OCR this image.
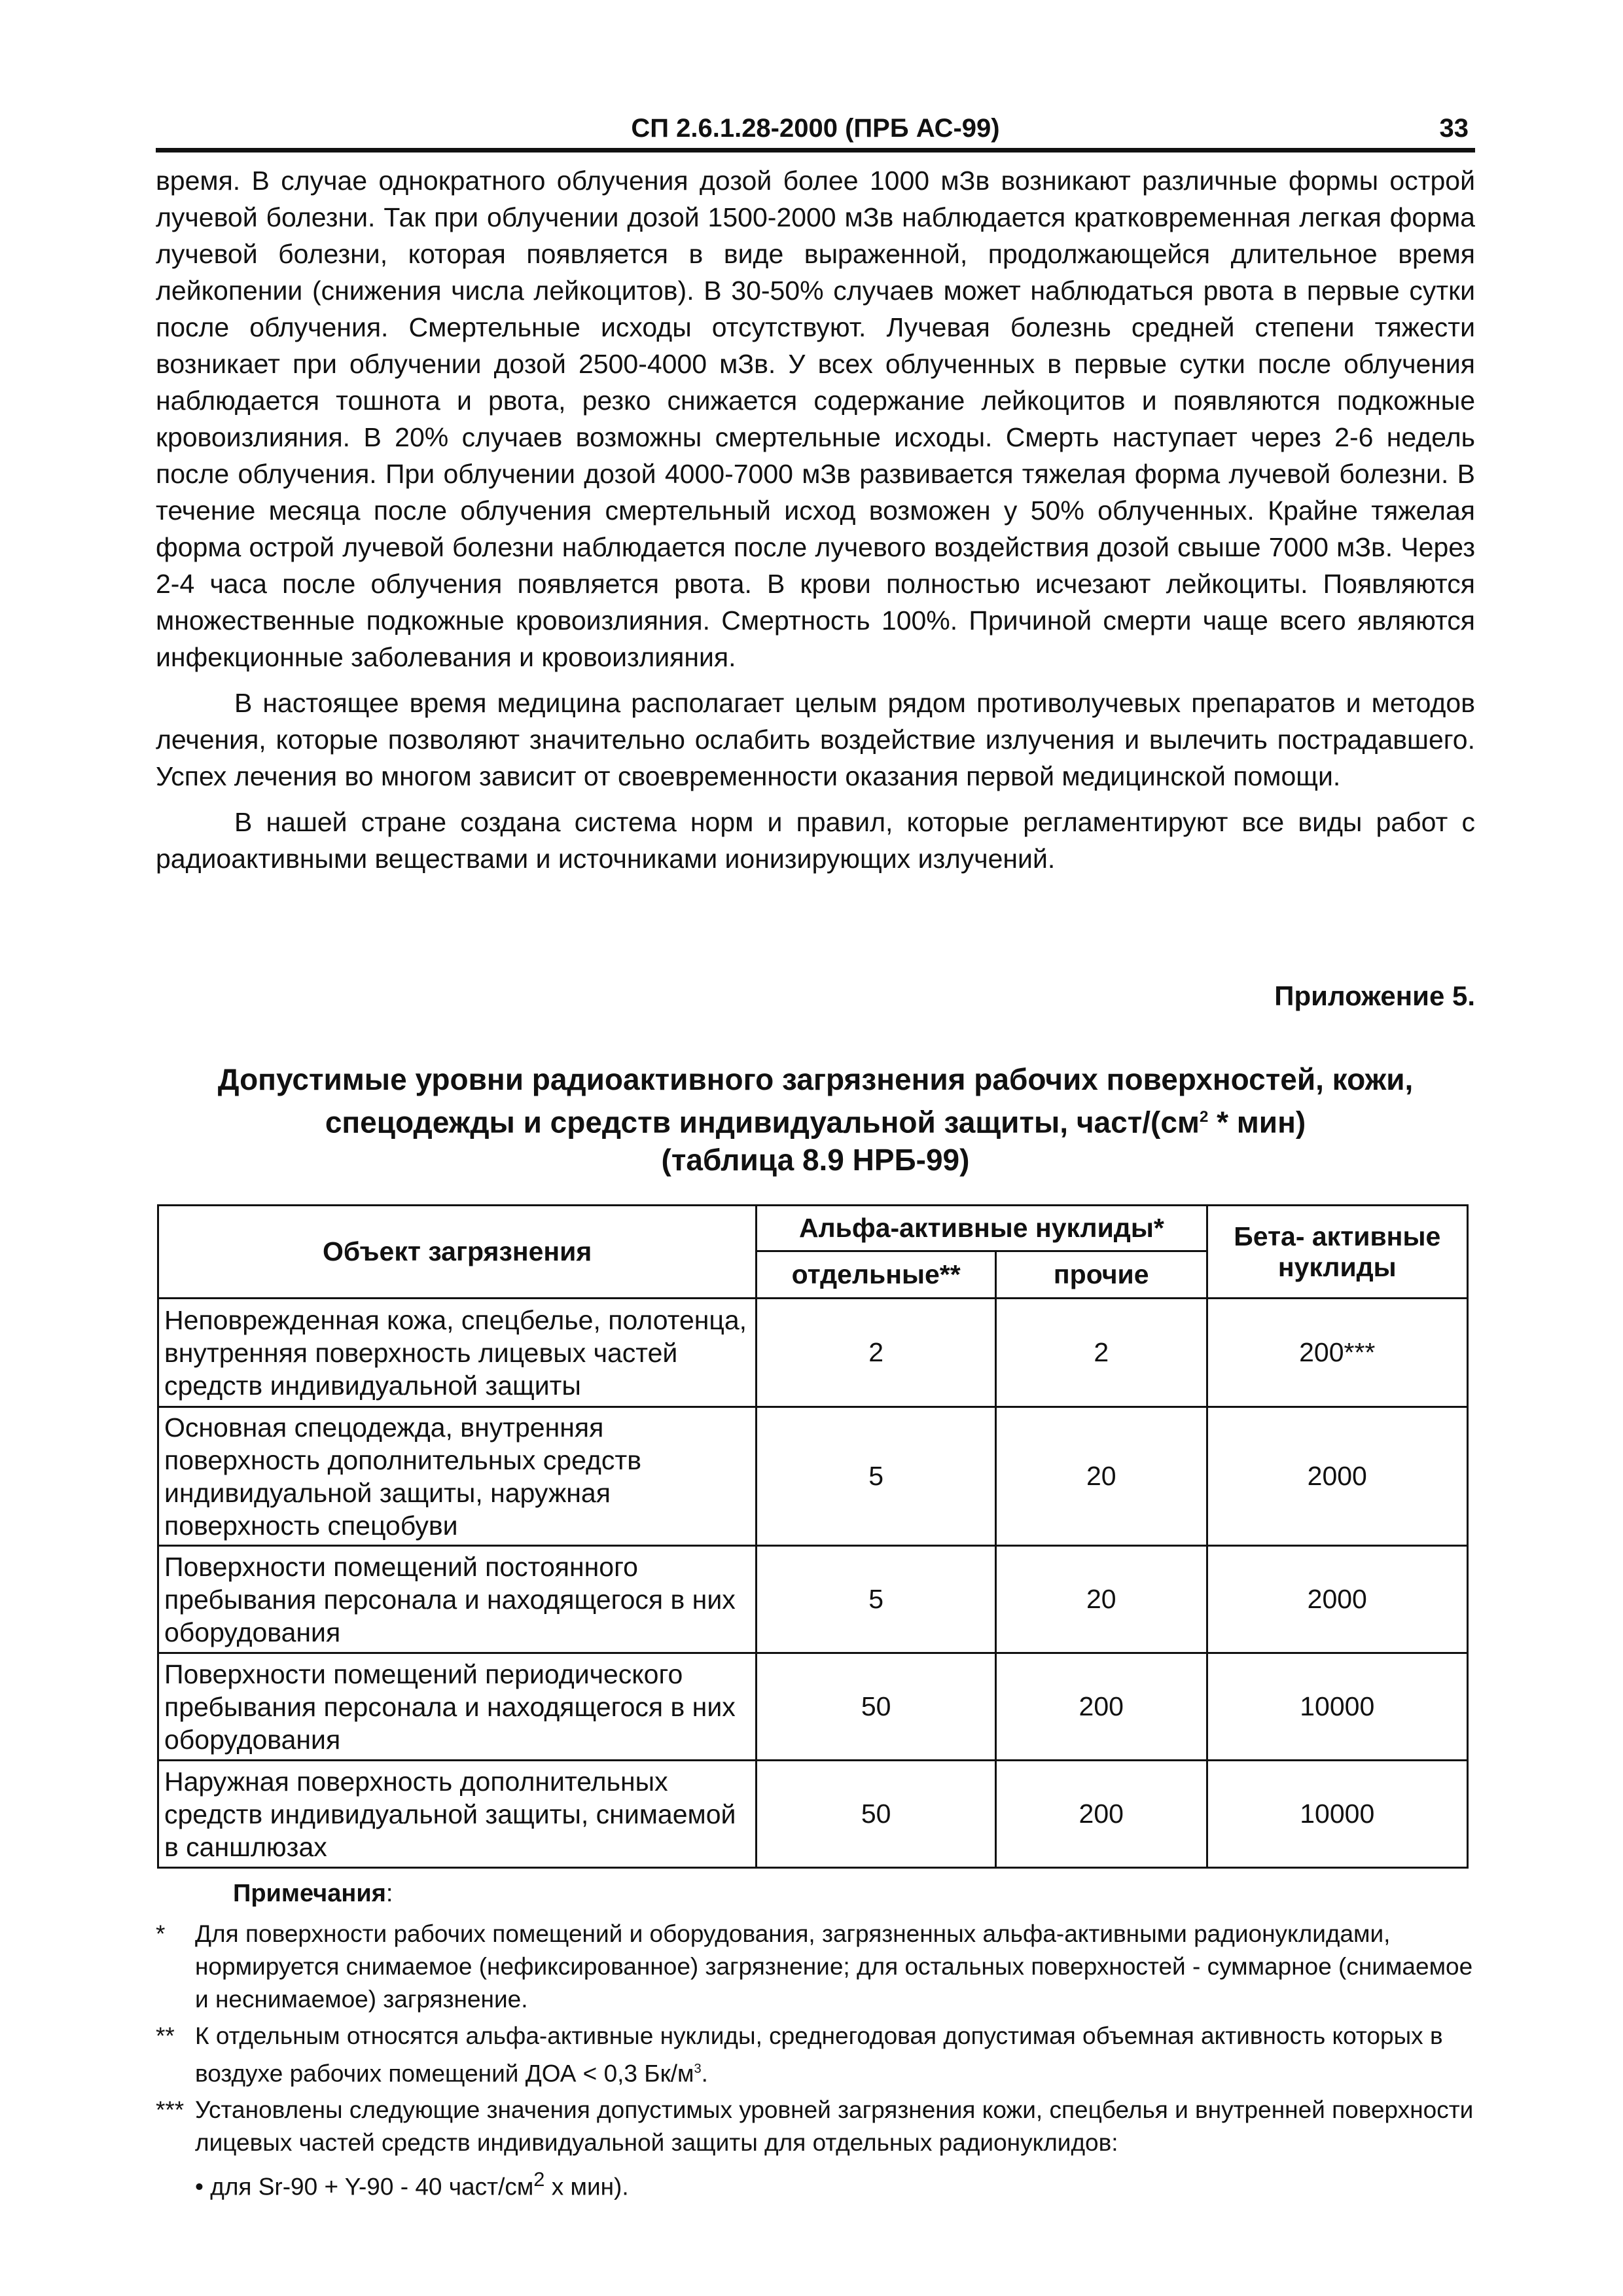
СП 2.6.1.28-2000 (ПРБ АС-99)	33

время. В случае однократного облучения дозой более 1000 мЗв возникают различные формы острой лучевой болезни. Так при облучении дозой 1500-2000 мЗв наблюдается кратковременная легкая форма лучевой болезни, которая появляется в виде выраженной, продолжающейся длительное время лейкопении (снижения числа лейкоцитов). В 30-50% случаев может наблюдаться рвота в первые сутки после облучения. Смертельные исходы отсутствуют. Лучевая болезнь средней степени тяжести возникает при облучении дозой 2500-4000 мЗв. У всех облученных в первые сутки после облучения наблюдается тошнота и рвота, резко снижается содержание лейкоцитов и появляются подкожные кровоизлияния. В 20% случаев возможны смертельные исходы. Смерть наступает через 2-6 недель после облучения. При облучении дозой 4000-7000 мЗв развивается тяжелая форма лучевой болезни. В течение месяца после облучения смертельный исход возможен у 50% облученных. Крайне тяжелая форма острой лучевой болезни наблюдается после лучевого воздействия дозой свыше 7000 мЗв. Через 2-4 часа после облучения появляется рвота. В крови полностью исчезают лейкоциты. Появляются множественные подкожные кровоизлияния. Смертность 100%. Причиной смерти чаще всего являются инфекционные заболевания и кровоизлияния.

В настоящее время медицина располагает целым рядом противолучевых препаратов и методов лечения, которые позволяют значительно ослабить воздействие излучения и вылечить пострадавшего. Успех лечения во многом зависит от своевременности оказания первой медицинской помощи.

В нашей стране создана система норм и правил, которые регламентируют все виды работ с радиоактивными веществами и источниками ионизирующих излучений.

Приложение 5.
Допустимые уровни радиоактивного загрязнения рабочих поверхностей, кожи,
спецодежды и средств индивидуальной защиты, част/$(см^2 * мин)$
(таблица 8.9 НРБ-99)
Объект загрязнения	Альфа-активные нуклиды*		Бета- активные нуклиды
	отдельные**	прочие	
Неповрежденная кожа, спецбелье, полотенца, внутренняя поверхность лицевых частей средств индивидуальной защиты	2	2	200***
Основная спецодежда, внутренняя поверхность дополнительных средств индивидуальной защиты, наружная поверхность спецобуви	5	20	2000
Поверхности помещений постоянного пребывания персонала и находящегося в них оборудования	5	20	2000
Поверхности помещений периодического пребывания персонала и находящегося в них оборудования	50	200	10000
Наружная поверхность дополнительных средств индивидуальной защиты, снимаемой в саншлюзах	50	200	10000
Примечания:
* Для поверхности рабочих помещений и оборудования, загрязненных альфа-активными радионуклидами, нормируется снимаемое (нефиксированное) загрязнение; для остальных поверхностей - суммарное (снимаемое и неснимаемое) загрязнение.
** К отдельным относятся альфа-активные нуклиды, среднегодовая допустимая объемная активность которых в воздухе рабочих помещений ДОА < 0,3 $Бк/м^3$.
*** Установлены следующие значения допустимых уровней загрязнения кожи, спецбелья и внутренней поверхности лицевых частей средств индивидуальной защиты для отдельных радионуклидов:
• для Sr-90 + Y-90 - 40 част/$см^2$ х мин).
